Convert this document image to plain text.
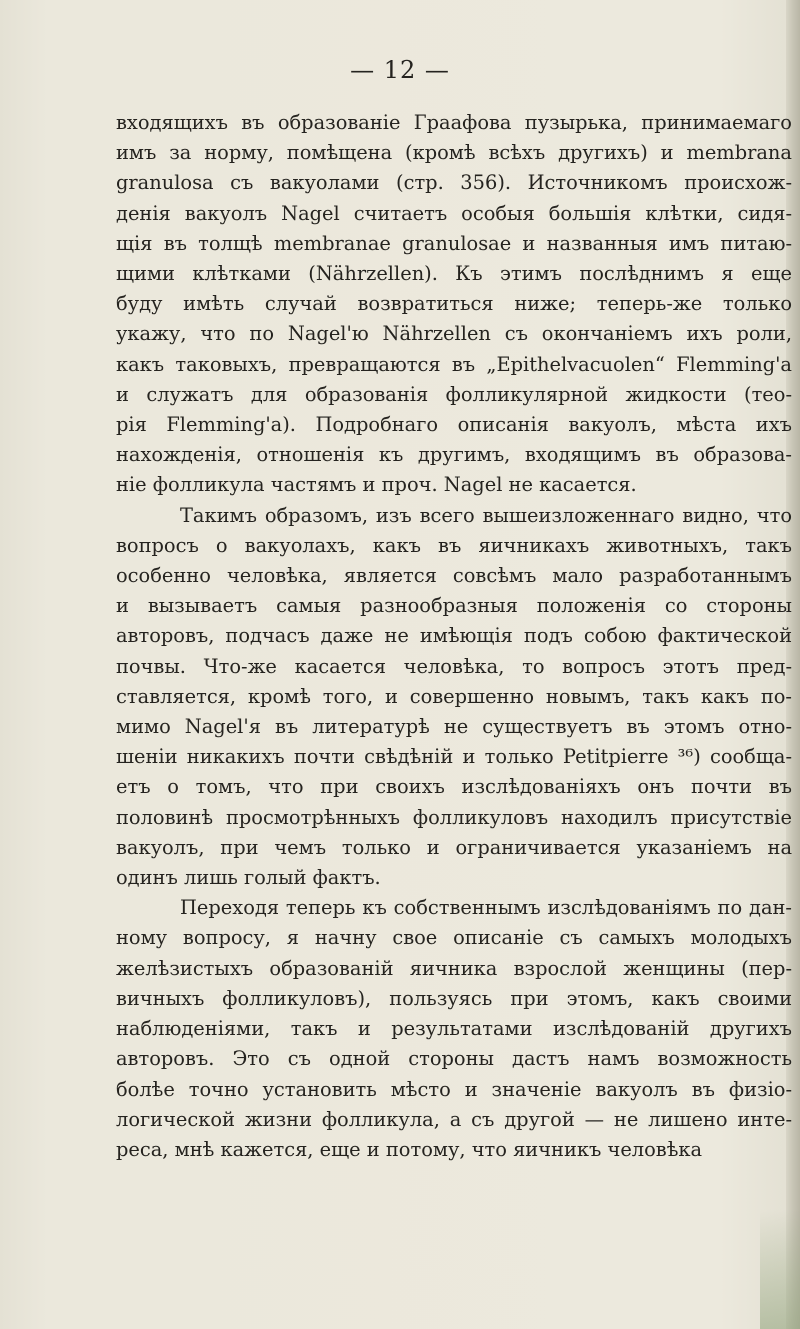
— 12 —
входящихъ въ образованіе Граафова пузырька, принимаемаго
имъ за норму, помѣщена (кромѣ всѣхъ другихъ) и membrana
granulosa съ вакуолами (стр. 356). Источникомъ происхож-
денія вакуолъ Nagel считаетъ особыя большія клѣтки, сидя-
щія въ толщѣ membranae granulosae и названныя имъ питаю-
щими клѣтками (Nährzellen). Къ этимъ послѣднимъ я еще
буду имѣть случай возвратиться ниже; теперь-же только
укажу, что по Nagel'ю Nährzellen съ окончаніемъ ихъ роли,
какъ таковыхъ, превращаются въ „Epithelvacuolen“ Flemming'a
и служатъ для образованія фолликулярной жидкости (тео-
рія Flemming'a). Подробнаго описанія вакуолъ, мѣста ихъ
нахожденія, отношенія къ другимъ, входящимъ въ образова-
ніе фолликула частямъ и проч. Nagel не касается.
Такимъ образомъ, изъ всего вышеизложеннаго видно, что
вопросъ о вакуолахъ, какъ въ яичникахъ животныхъ, такъ
особенно человѣка, является совсѣмъ мало разработаннымъ
и вызываетъ самыя разнообразныя положенія со стороны
авторовъ, подчасъ даже не имѣющія подъ собою фактической
почвы. Что-же касается человѣка, то вопросъ этотъ пред-
ставляется, кромѣ того, и совершенно новымъ, такъ какъ по-
мимо Nagel'я въ литературѣ не существуетъ въ этомъ отно-
шеніи никакихъ почти свѣдѣній и только Petitpierre ³⁶) сообща-
етъ о томъ, что при своихъ изслѣдованіяхъ онъ почти въ
половинѣ просмотрѣнныхъ фолликуловъ находилъ присутствіе
вакуолъ, при чемъ только и ограничивается указаніемъ на
одинъ лишь голый фактъ.
Переходя теперь къ собственнымъ изслѣдованіямъ по дан-
ному вопросу, я начну свое описаніе съ самыхъ молодыхъ
желѣзистыхъ образованій яичника взрослой женщины (пер-
вичныхъ фолликуловъ), пользуясь при этомъ, какъ своими
наблюденіями, такъ и результатами изслѣдованій другихъ
авторовъ. Это съ одной стороны дастъ намъ возможность
болѣе точно установить мѣсто и значеніе вакуолъ въ физіо-
логической жизни фолликула, а съ другой — не лишено инте-
реса, мнѣ кажется, еще и потому, что яичникъ человѣка
